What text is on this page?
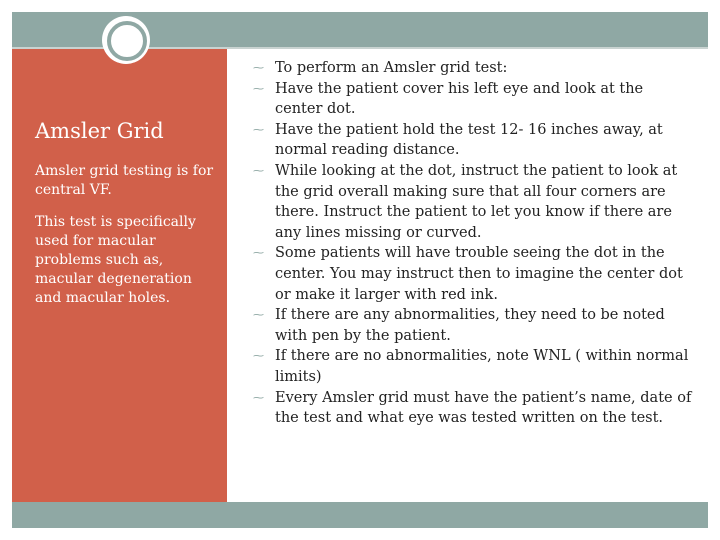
Amsler Grid

Amsler grid testing is for central VF.

This test is specifically used for macular problems such as, macular degeneration and macular holes.

⁓ To perform an Amsler grid test:
⁓ Have the patient cover his left eye and look at the center dot.
⁓ Have the patient hold the test 12- 16 inches away, at normal reading distance.
⁓ While looking at the dot, instruct the patient to look at the grid overall making sure that all four corners are there. Instruct the patient to let you know if there are any lines missing or curved.
⁓ Some patients will have trouble seeing the dot in the center. You may instruct then to imagine the center dot or make it larger with red ink.
⁓ If there are any abnormalities, they need to be noted with pen by the patient.
⁓ If there are no abnormalities, note WNL ( within normal limits)
⁓ Every Amsler grid must have the patient’s name, date of the test and what eye was tested written on the test.
